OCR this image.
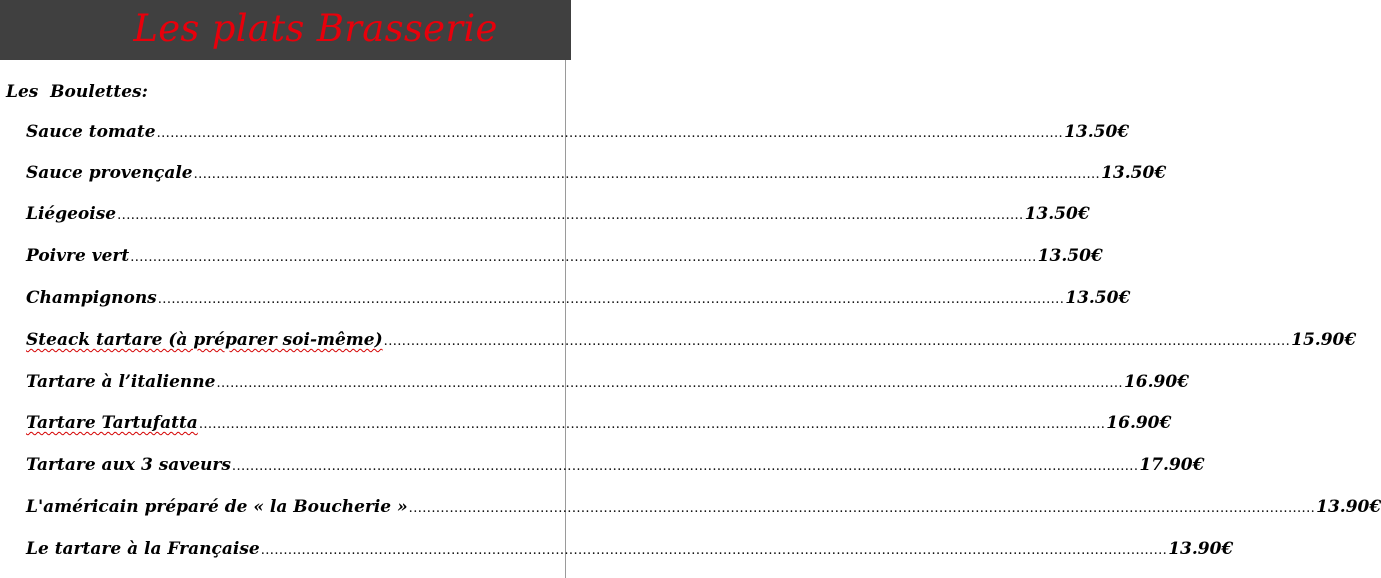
Les plats Brasserie
Les  Boulettes:
Sauce tomate ........................................................................................................................................................................................................ 13.50€
Sauce provençale ........................................................................................................................................................................................................ 13.50€
Liégeoise ........................................................................................................................................................................................................ 13.50€
Poivre vert ........................................................................................................................................................................................................ 13.50€
Champignons ........................................................................................................................................................................................................ 13.50€
Steack tartare (à préparer soi-même) ........................................................................................................................................................................................................ 15.90€
Tartare à l’italienne ........................................................................................................................................................................................................ 16.90€
Tartare Tartufatta ........................................................................................................................................................................................................ 16.90€
Tartare aux 3 saveurs ........................................................................................................................................................................................................ 17.90€
L'américain préparé de « la Boucherie » ........................................................................................................................................................................................................ 13.90€
Le tartare à la Française ........................................................................................................................................................................................................ 13.90€
